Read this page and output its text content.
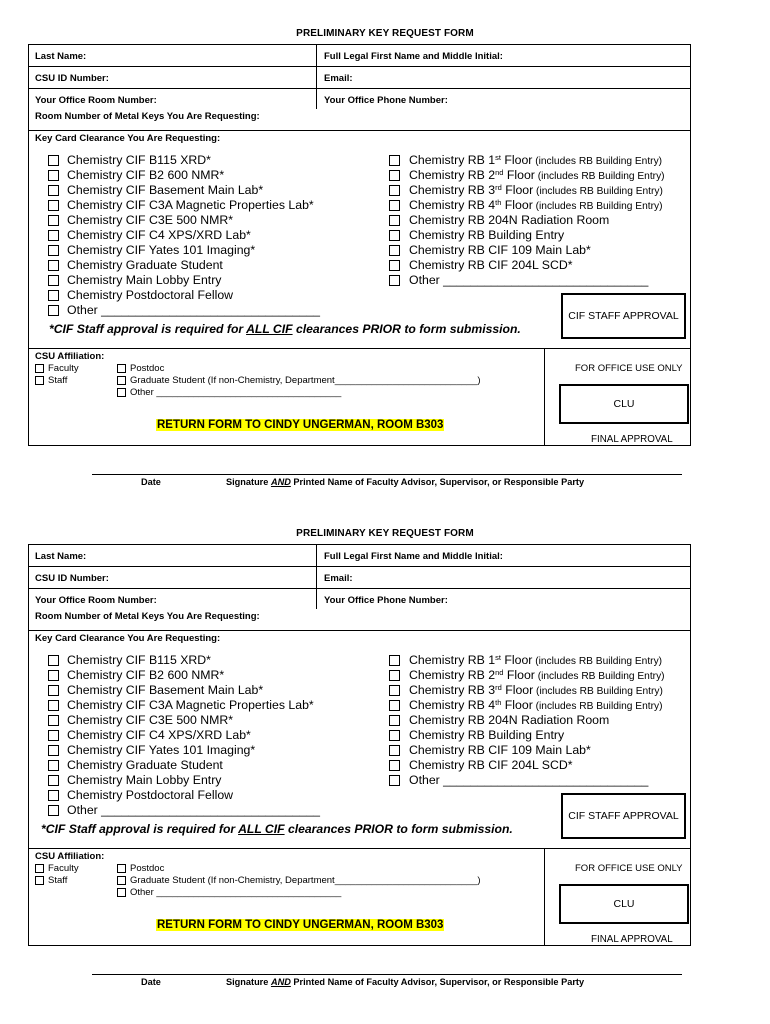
PRELIMINARY KEY REQUEST FORM
Last Name:	Full Legal First Name and Middle Initial:
CSU ID Number:	Email:
Your Office Room Number:	Your Office Phone Number:
Room Number of Metal Keys You Are Requesting:
Key Card Clearance You Are Requesting:
Chemistry CIF B115 XRD*
Chemistry CIF B2 600 NMR*
Chemistry CIF Basement Main Lab*
Chemistry CIF C3A Magnetic Properties Lab*
Chemistry CIF C3E 500 NMR*
Chemistry CIF C4 XPS/XRD Lab*
Chemistry CIF Yates 101 Imaging*
Chemistry Graduate Student
Chemistry Main Lobby Entry
Chemistry Postdoctoral Fellow
Other ________________________________
Chemistry RB 1st Floor (includes RB Building Entry)
Chemistry RB 2nd Floor (includes RB Building Entry)
Chemistry RB 3rd Floor (includes RB Building Entry)
Chemistry RB 4th Floor (includes RB Building Entry)
Chemistry RB 204N Radiation Room
Chemistry RB Building Entry
Chemistry RB CIF 109 Main Lab*
Chemistry RB CIF 204L SCD*
Other ______________________________
CIF STAFF APPROVAL
*CIF Staff approval is required for ALL CIF clearances PRIOR to form submission.
CSU Affiliation:
Faculty
Staff
Postdoc
Graduate Student (If non-Chemistry, Department___________________________)
Other ___________________________________
RETURN FORM TO CINDY UNGERMAN, ROOM B303
FOR OFFICE USE ONLY
CLU
FINAL APPROVAL
Date	Signature AND Printed Name of Faculty Advisor, Supervisor, or Responsible Party
PRELIMINARY KEY REQUEST FORM
Last Name:	Full Legal First Name and Middle Initial:
CSU ID Number:	Email:
Your Office Room Number:	Your Office Phone Number:
Room Number of Metal Keys You Are Requesting:
Key Card Clearance You Are Requesting:
Chemistry CIF B115 XRD*
Chemistry CIF B2 600 NMR*
Chemistry CIF Basement Main Lab*
Chemistry CIF C3A Magnetic Properties Lab*
Chemistry CIF C3E 500 NMR*
Chemistry CIF C4 XPS/XRD Lab*
Chemistry CIF Yates 101 Imaging*
Chemistry Graduate Student
Chemistry Main Lobby Entry
Chemistry Postdoctoral Fellow
Other ________________________________
Chemistry RB 1st Floor (includes RB Building Entry)
Chemistry RB 2nd Floor (includes RB Building Entry)
Chemistry RB 3rd Floor (includes RB Building Entry)
Chemistry RB 4th Floor (includes RB Building Entry)
Chemistry RB 204N Radiation Room
Chemistry RB Building Entry
Chemistry RB CIF 109 Main Lab*
Chemistry RB CIF 204L SCD*
Other ______________________________
CIF STAFF APPROVAL
*CIF Staff approval is required for ALL CIF clearances PRIOR to form submission.
CSU Affiliation:
Faculty
Staff
Postdoc
Graduate Student (If non-Chemistry, Department___________________________)
Other ___________________________________
RETURN FORM TO CINDY UNGERMAN, ROOM B303
FOR OFFICE USE ONLY
CLU
FINAL APPROVAL
Date	Signature AND Printed Name of Faculty Advisor, Supervisor, or Responsible Party
